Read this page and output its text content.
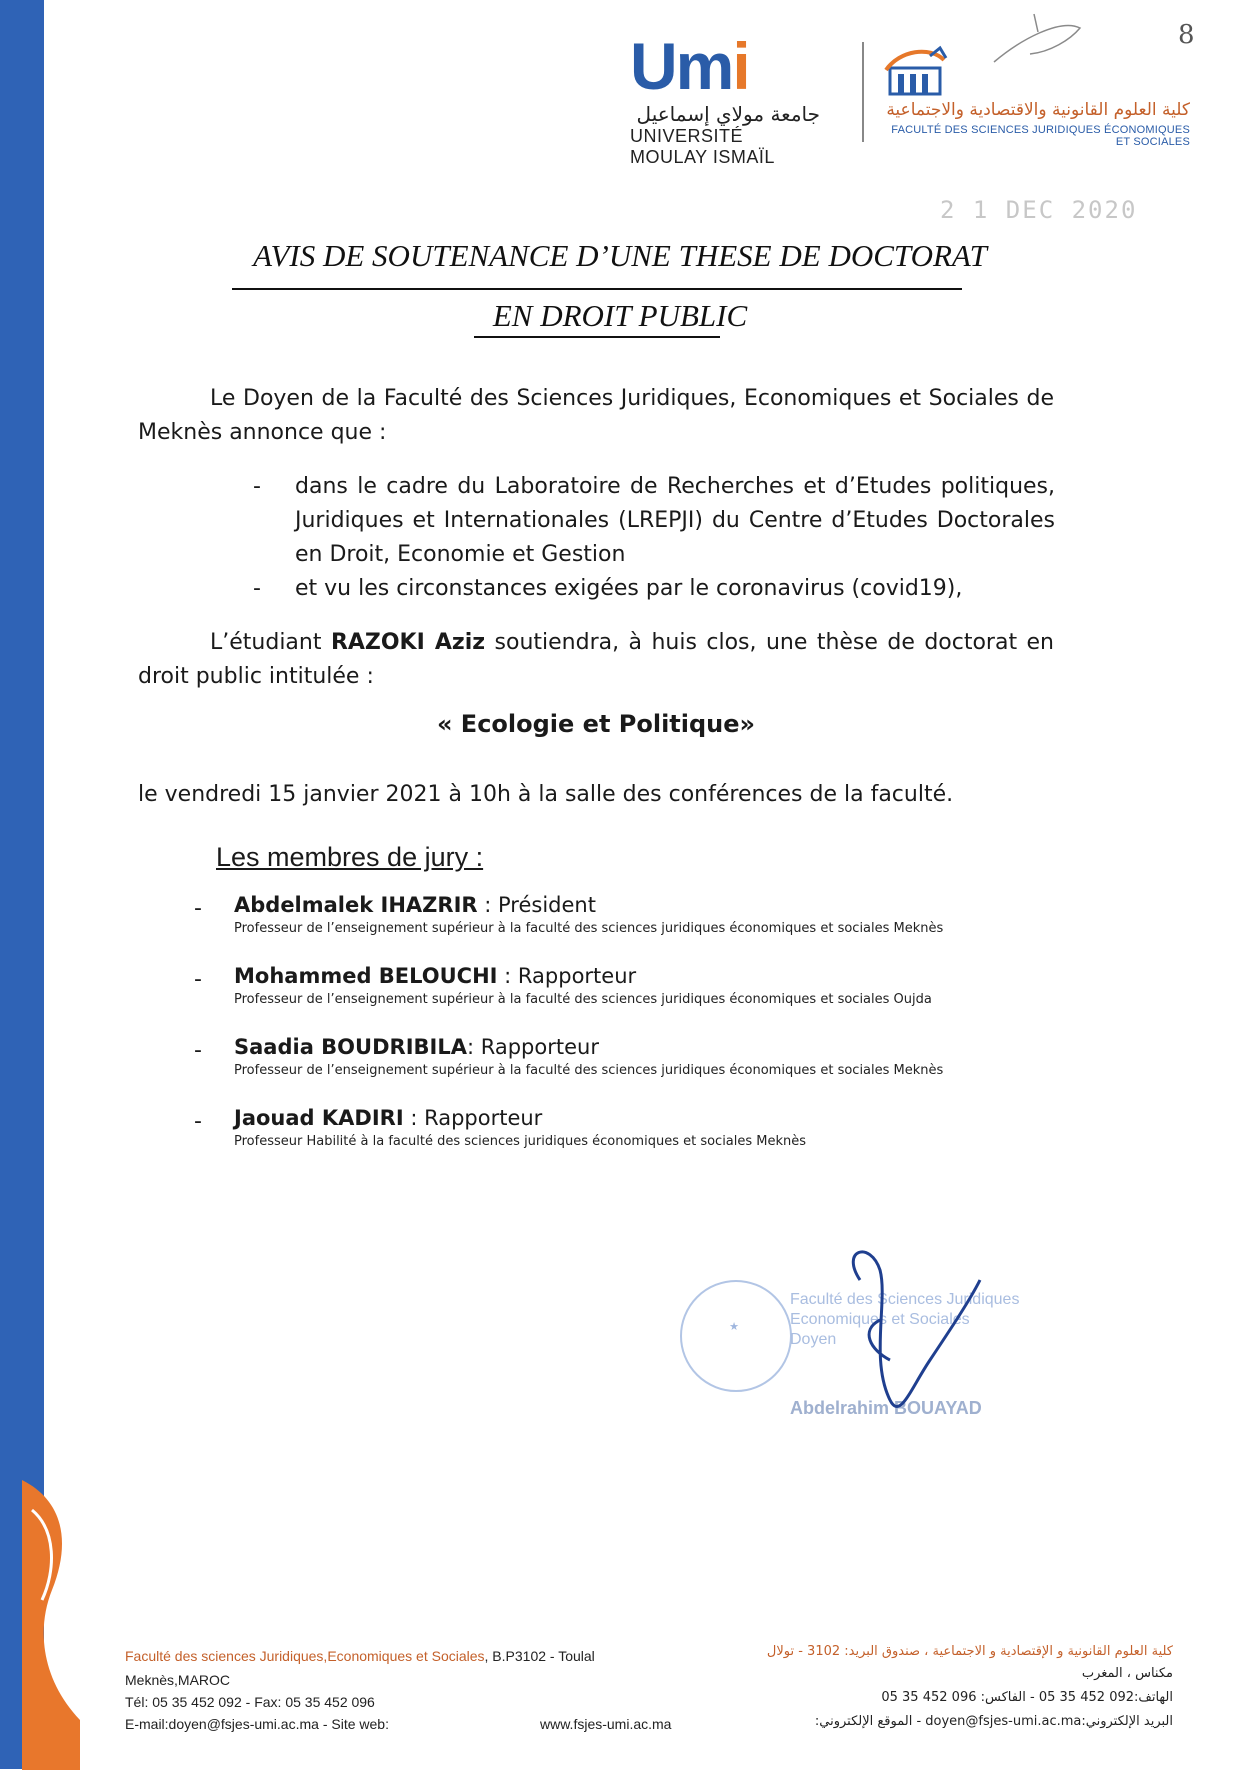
8
Umi
جامعة مولاي إسماعيل
UNIVERSITÉ MOULAY ISMAÏL
كلية العلوم القانونية والاقتصادية والاجتماعية
FACULTÉ DES SCIENCES JURIDIQUES ÉCONOMIQUES ET SOCIALES
2 1 DEC 2020
AVIS DE SOUTENANCE D’UNE THESE DE DOCTORAT
EN DROIT PUBLIC
Le Doyen de la Faculté des Sciences Juridiques, Economiques et Sociales de Meknès annonce que :
- dans le cadre du Laboratoire de Recherches et d’Etudes politiques, Juridiques et Internationales (LREPJI) du Centre d’Etudes Doctorales en Droit, Economie et Gestion
- et vu les circonstances exigées par le coronavirus (covid19),
L’étudiant RAZOKI Aziz soutiendra, à huis clos, une thèse de doctorat en droit public intitulée :
« Ecologie et Politique»
le vendredi 15 janvier 2021 à 10h à la salle des conférences de la faculté.
Les membres de jury :
- Abdelmalek IHAZRIR : Président
Professeur de l’enseignement supérieur à la faculté des sciences juridiques économiques et sociales Meknès
- Mohammed BELOUCHI : Rapporteur
Professeur de l’enseignement supérieur à la faculté des sciences juridiques économiques et sociales Oujda
- Saadia BOUDRIBILA: Rapporteur
Professeur de l’enseignement supérieur à la faculté des sciences juridiques économiques et sociales Meknès
- Jaouad KADIRI : Rapporteur
Professeur Habilité à la faculté des sciences juridiques économiques et sociales Meknès
★
Faculté des Sciences Juridiques
Economiques et Sociales
Doyen
Abdelrahim BOUAYAD
Faculté des sciences Juridiques,Economiques et Sociales, B.P3102 - Toulal
Meknès,MAROC
Tél: 05 35 452 092 - Fax: 05 35 452 096
E-mail:doyen@fsjes-umi.ac.ma - Site web:	www.fsjes-umi.ac.ma
كلية العلوم القانونية و الإقتصادية و الاجتماعية ، صندوق البريد: 3102 - تولال
مكناس ، المغرب
الهاتف:092 452 35 05 - الفاكس: 096 452 35 05
البريد الإلكتروني:doyen@fsjes-umi.ac.ma - الموقع الإلكتروني:
